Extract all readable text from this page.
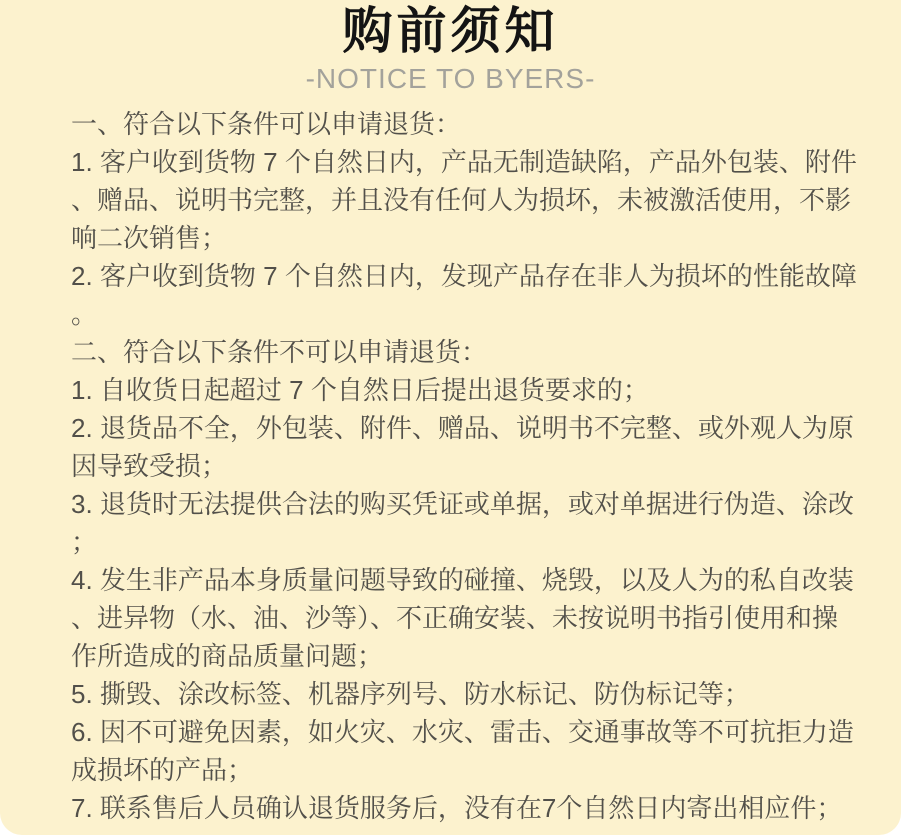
购前须知
-NOTICE TO BYERS-
一、符合以下条件可以申请退货：
1. 客户收到货物 7 个自然日内，产品无制造缺陷，产品外包装、附件
、赠品、说明书完整，并且没有任何人为损坏，未被激活使用，不影
响二次销售；
2. 客户收到货物 7 个自然日内，发现产品存在非人为损坏的性能故障
。
二、符合以下条件不可以申请退货：
1. 自收货日起超过 7 个自然日后提出退货要求的；
2. 退货品不全，外包装、附件、赠品、说明书不完整、或外观人为原
因导致受损；
3. 退货时无法提供合法的购买凭证或单据，或对单据进行伪造、涂改
；
4. 发生非产品本身质量问题导致的碰撞、烧毁，以及人为的私自改装
、进异物（水、油、沙等）、不正确安装、未按说明书指引使用和操
作所造成的商品质量问题；
5. 撕毁、涂改标签、机器序列号、防水标记、防伪标记等；
6. 因不可避免因素，如火灾、水灾、雷击、交通事故等不可抗拒力造
成损坏的产品；
7. 联系售后人员确认退货服务后，没有在7个自然日内寄出相应件；
